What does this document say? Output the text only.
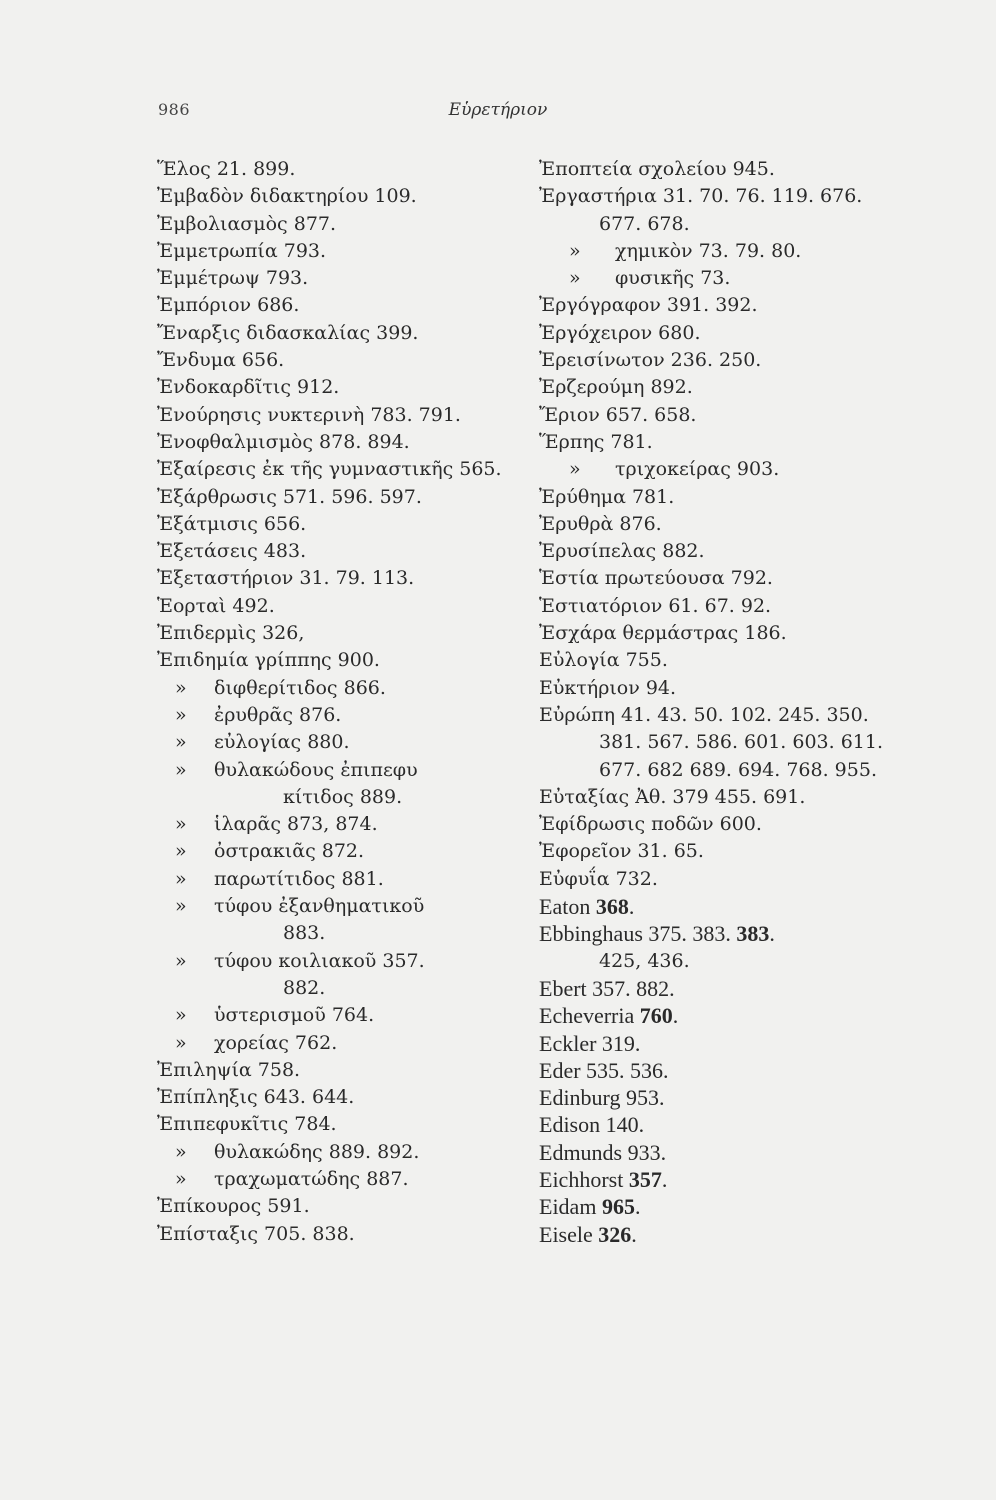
986	Εὑρετήριον
Ἕλος 21. 899.
Ἐμβαδὸν διδακτηρίου 109.
Ἐμβολιασμὸς 877.
Ἐμμετρωπία 793.
Ἐμμέτρωψ 793.
Ἐμπόριον 686.
Ἔναρξις διδασκαλίας 399.
Ἔνδυμα 656.
Ἐνδοκαρδῖτις 912.
Ἐνούρησις νυκτερινὴ 783. 791.
Ἐνοφθαλμισμὸς 878. 894.
Ἐξαίρεσις ἐκ τῆς γυμναστικῆς 565.
Ἐξάρθρωσις 571. 596. 597.
Ἐξάτμισις 656.
Ἐξετάσεις 483.
Ἐξεταστήριον 31. 79. 113.
Ἑορταὶ 492.
Ἐπιδερμὶς 326,
Ἐπιδημία γρίππης 900.
» διφθερίτιδος 866.
» ἐρυθρᾶς 876.
» εὐλογίας 880.
» θυλακώδους ἐπιπεφυ
κίτιδος 889.
» ἱλαρᾶς 873, 874.
» ὀστρακιᾶς 872.
» παρωτίτιδος 881.
» τύφου ἐξανθηματικοῦ
883.
» τύφου κοιλιακοῦ 357.
882.
» ὑστερισμοῦ 764.
» χορείας 762.
Ἐπιληψία 758.
Ἐπίπληξις 643. 644.
Ἐπιπεφυκῖτις 784.
» θυλακώδης 889. 892.
» τραχωματώδης 887.
Ἐπίκουρος 591.
Ἐπίσταξις 705. 838.
Ἐποπτεία σχολείου 945.
Ἐργαστήρια 31. 70. 76. 119. 676.
677. 678.
» χημικὸν 73. 79. 80.
» φυσικῆς 73.
Ἐργόγραφον 391. 392.
Ἐργόχειρον 680.
Ἐρεισίνωτον 236. 250.
Ἐρζερούμη 892.
Ἔριον 657. 658.
Ἕρπης 781.
» τριχοκείρας 903.
Ἐρύθημα 781.
Ἐρυθρὰ 876.
Ἐρυσίπελας 882.
Ἑστία πρωτεύουσα 792.
Ἑστιατόριον 61. 67. 92.
Ἐσχάρα θερμάστρας 186.
Εὐλογία 755.
Εὐκτήριον 94.
Εὐρώπη 41. 43. 50. 102. 245. 350.
381. 567. 586. 601. 603. 611.
677. 682 689. 694. 768. 955.
Εὐταξίας Ἀθ. 379 455. 691.
Ἐφίδρωσις ποδῶν 600.
Ἐφορεῖον 31. 65.
Εὐφυΐα 732.
Eaton 368.
Ebbinghaus 375. 383. 383.
425, 436.
Ebert 357. 882.
Echeverria 760.
Eckler 319.
Eder 535. 536.
Edinburg 953.
Edison 140.
Edmunds 933.
Eichhorst 357.
Eidam 965.
Eisele 326.
